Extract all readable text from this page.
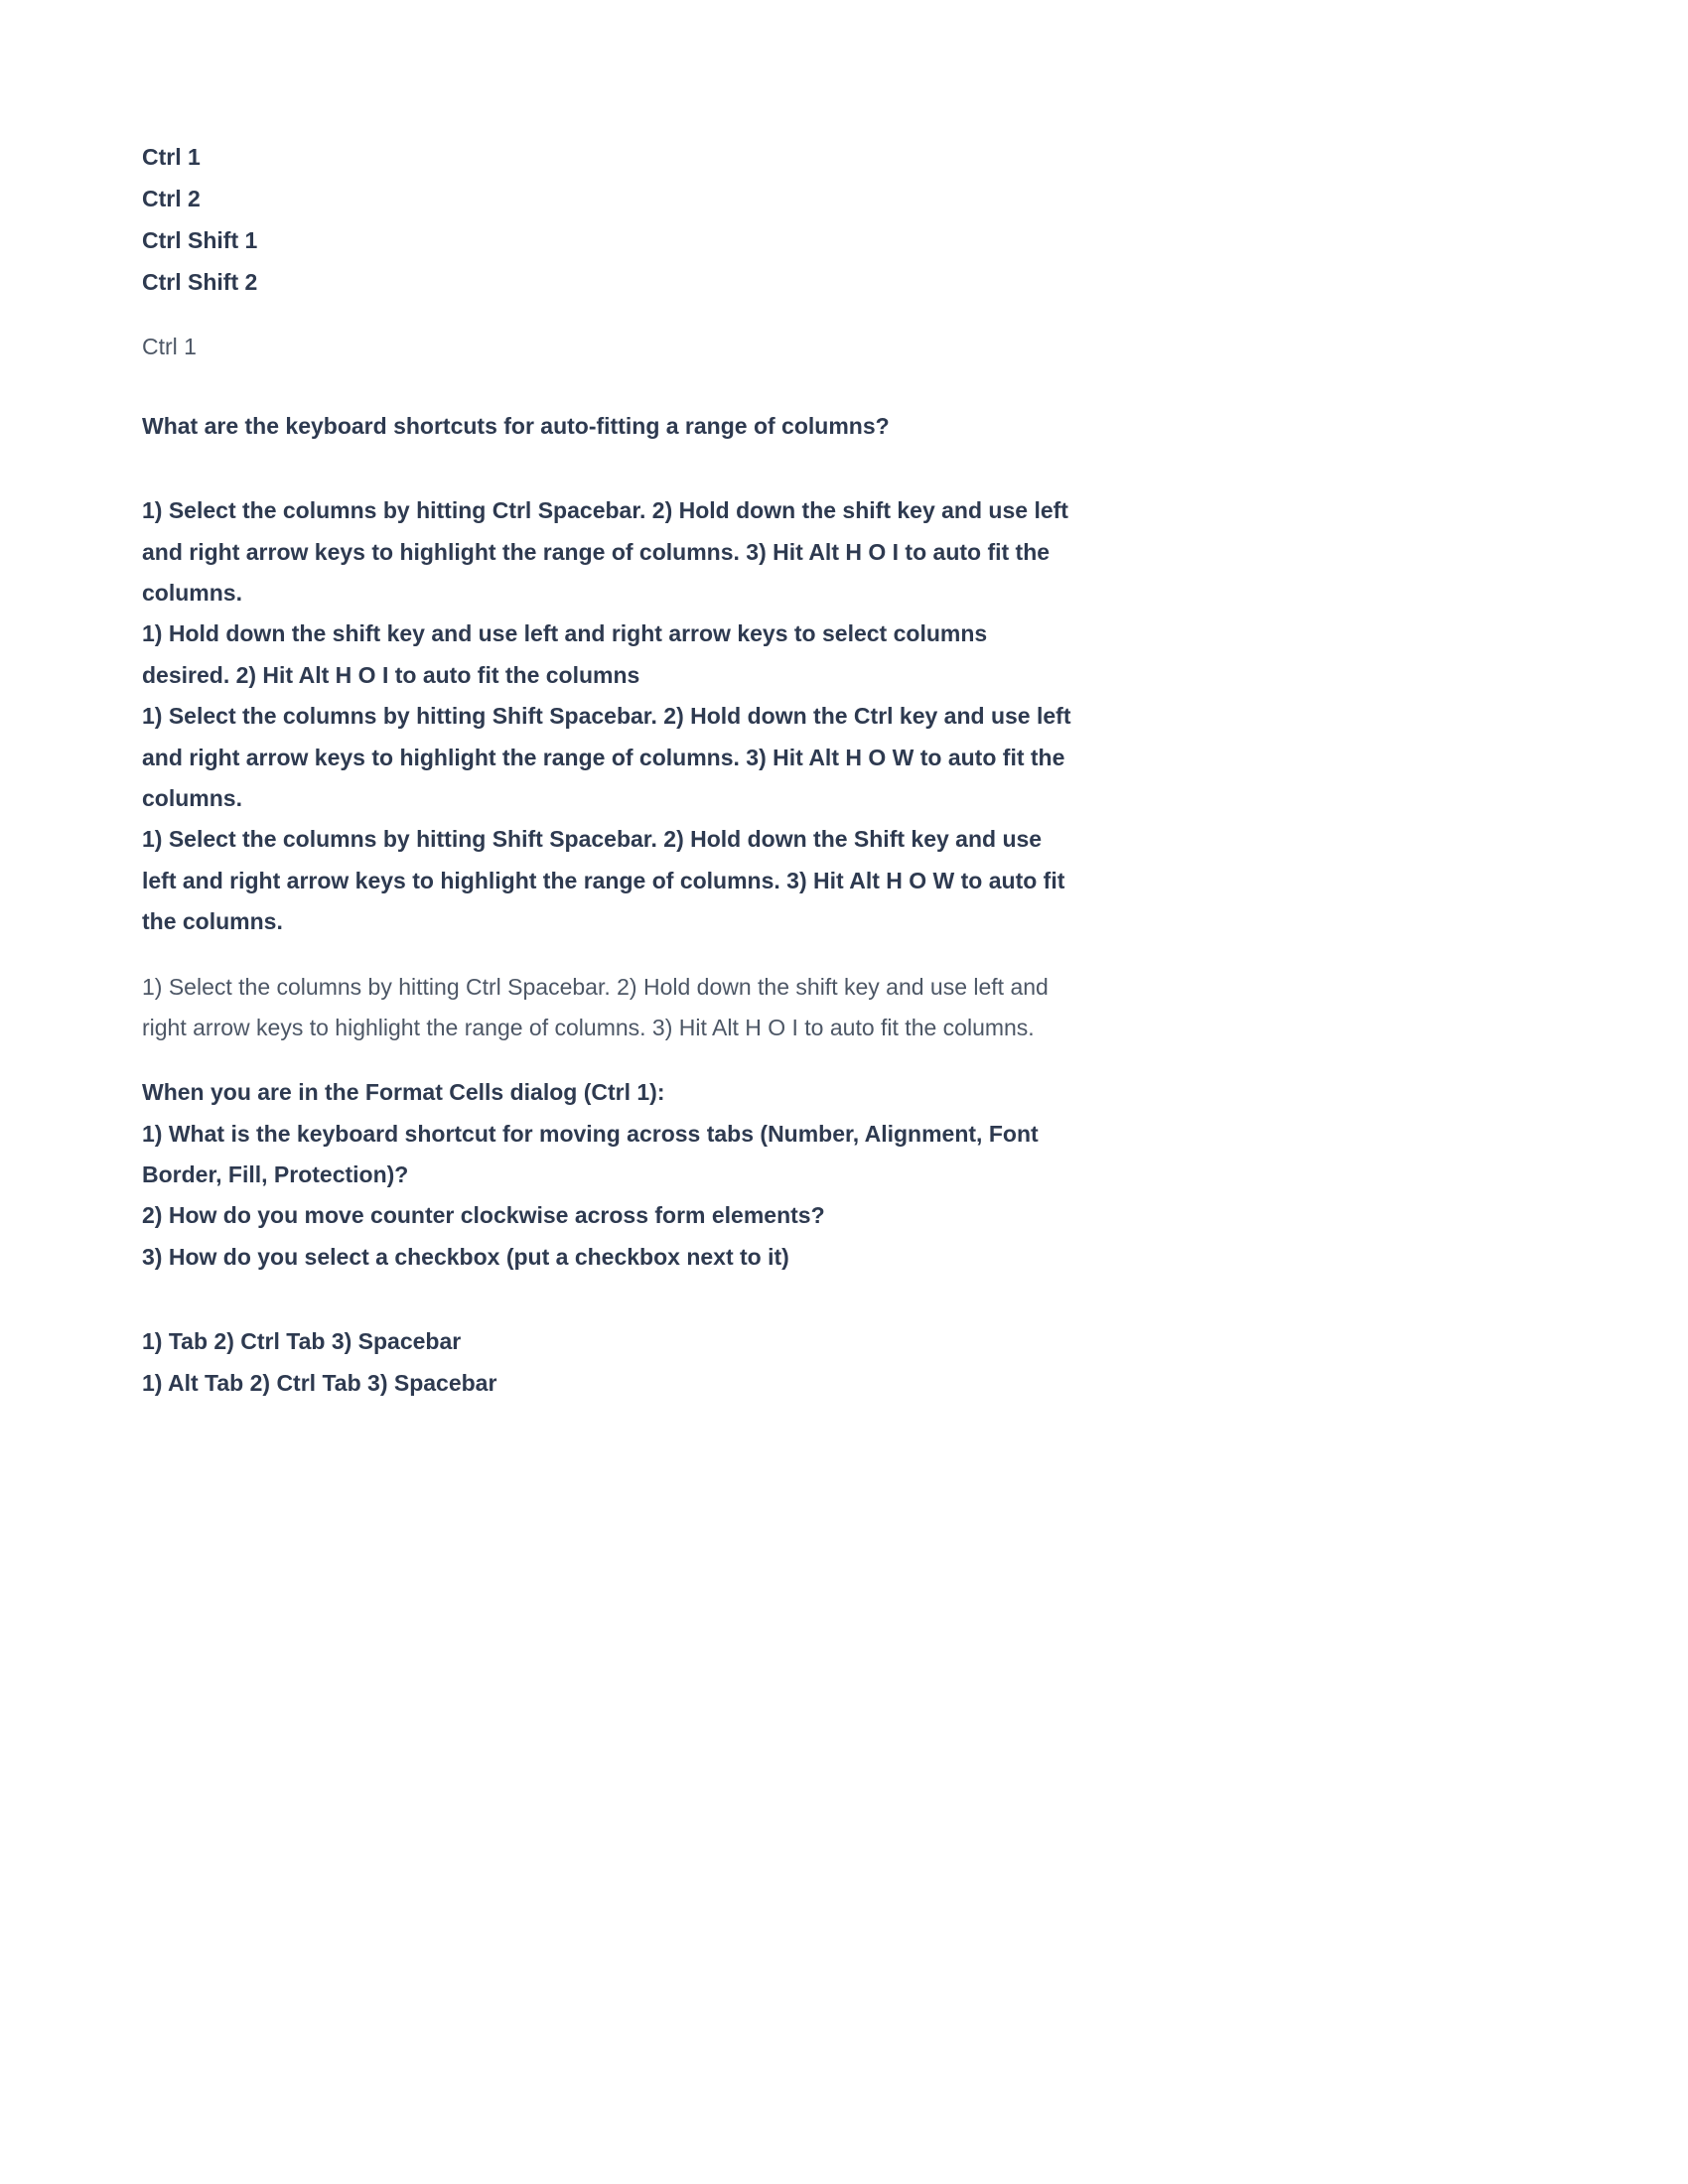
Ctrl 1

Ctrl 2

Ctrl Shift 1

Ctrl Shift 2

Ctrl 1

What are the keyboard shortcuts for auto-fitting a range of columns?

1) Select the columns by hitting Ctrl Spacebar. 2) Hold down the shift key and use left and right arrow keys to highlight the range of columns. 3) Hit Alt H O I to auto fit the columns.

1) Hold down the shift key and use left and right arrow keys to select columns desired. 2) Hit Alt H O I to auto fit the columns

1) Select the columns by hitting Shift Spacebar. 2) Hold down the Ctrl key and use left and right arrow keys to highlight the range of columns. 3) Hit Alt H O W to auto fit the columns.

1) Select the columns by hitting Shift Spacebar. 2) Hold down the Shift key and use left and right arrow keys to highlight the range of columns. 3) Hit Alt H O W to auto fit the columns.

1) Select the columns by hitting Ctrl Spacebar. 2) Hold down the shift key and use left and right arrow keys to highlight the range of columns. 3) Hit Alt H O I to auto fit the columns.

When you are in the Format Cells dialog (Ctrl 1):

1) What is the keyboard shortcut for moving across tabs (Number, Alignment, Font Border, Fill, Protection)?

2) How do you move counter clockwise across form elements?

3) How do you select a checkbox (put a checkbox next to it)

1) Tab 2) Ctrl Tab 3) Spacebar

1) Alt Tab 2) Ctrl Tab 3) Spacebar
